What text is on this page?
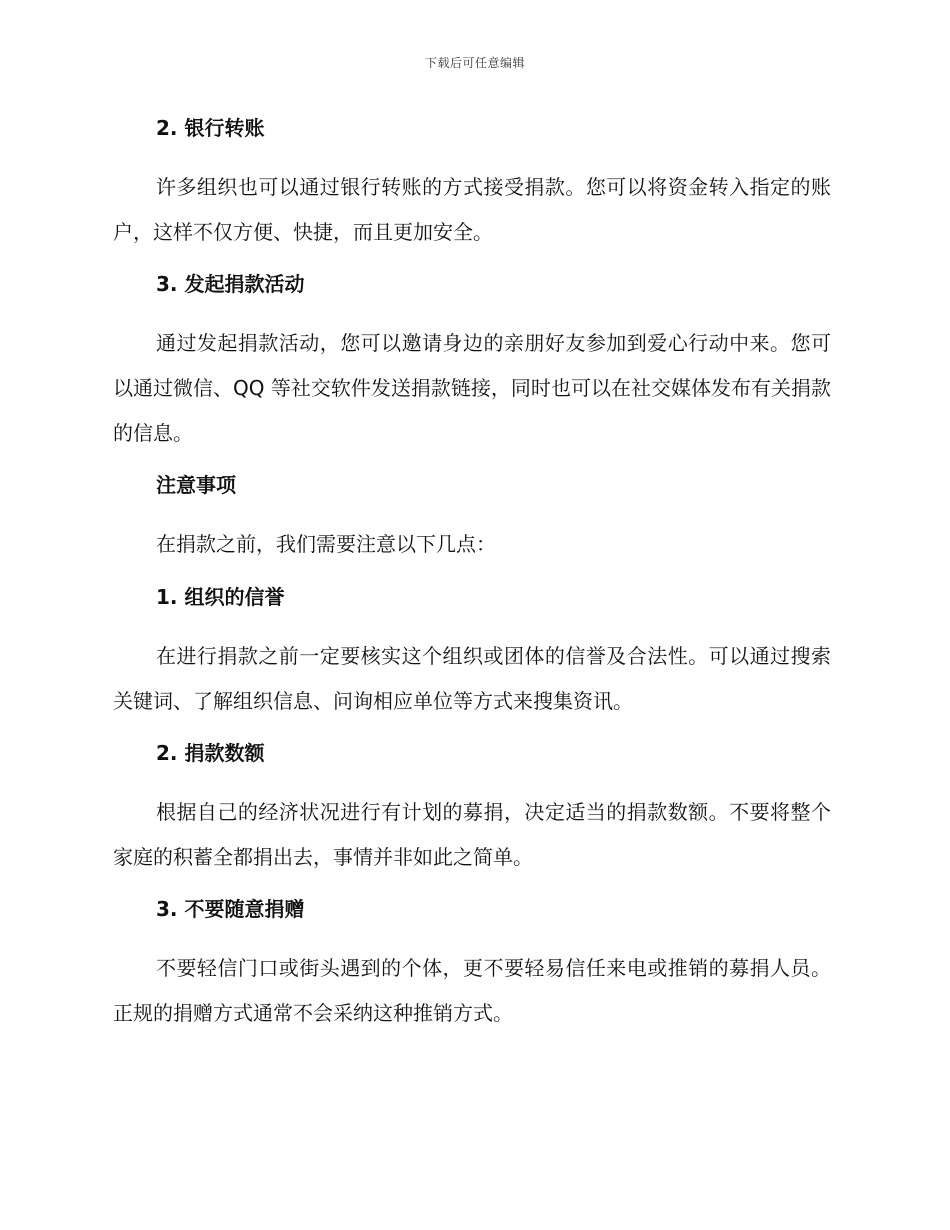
下载后可任意编辑
2. 银行转账

许多组织也可以通过银行转账的方式接受捐款。您可以将资金转入指定的账户，这样不仅方便、快捷，而且更加安全。

3. 发起捐款活动

通过发起捐款活动，您可以邀请身边的亲朋好友参加到爱心行动中来。您可以通过微信、QQ 等社交软件发送捐款链接，同时也可以在社交媒体发布有关捐款的信息。

注意事项

在捐款之前，我们需要注意以下几点：

1. 组织的信誉

在进行捐款之前一定要核实这个组织或团体的信誉及合法性。可以通过搜索关键词、了解组织信息、问询相应单位等方式来搜集资讯。

2. 捐款数额

根据自己的经济状况进行有计划的募捐，决定适当的捐款数额。不要将整个家庭的积蓄全都捐出去，事情并非如此之简单。

3. 不要随意捐赠

不要轻信门口或街头遇到的个体，更不要轻易信任来电或推销的募捐人员。正规的捐赠方式通常不会采纳这种推销方式。
